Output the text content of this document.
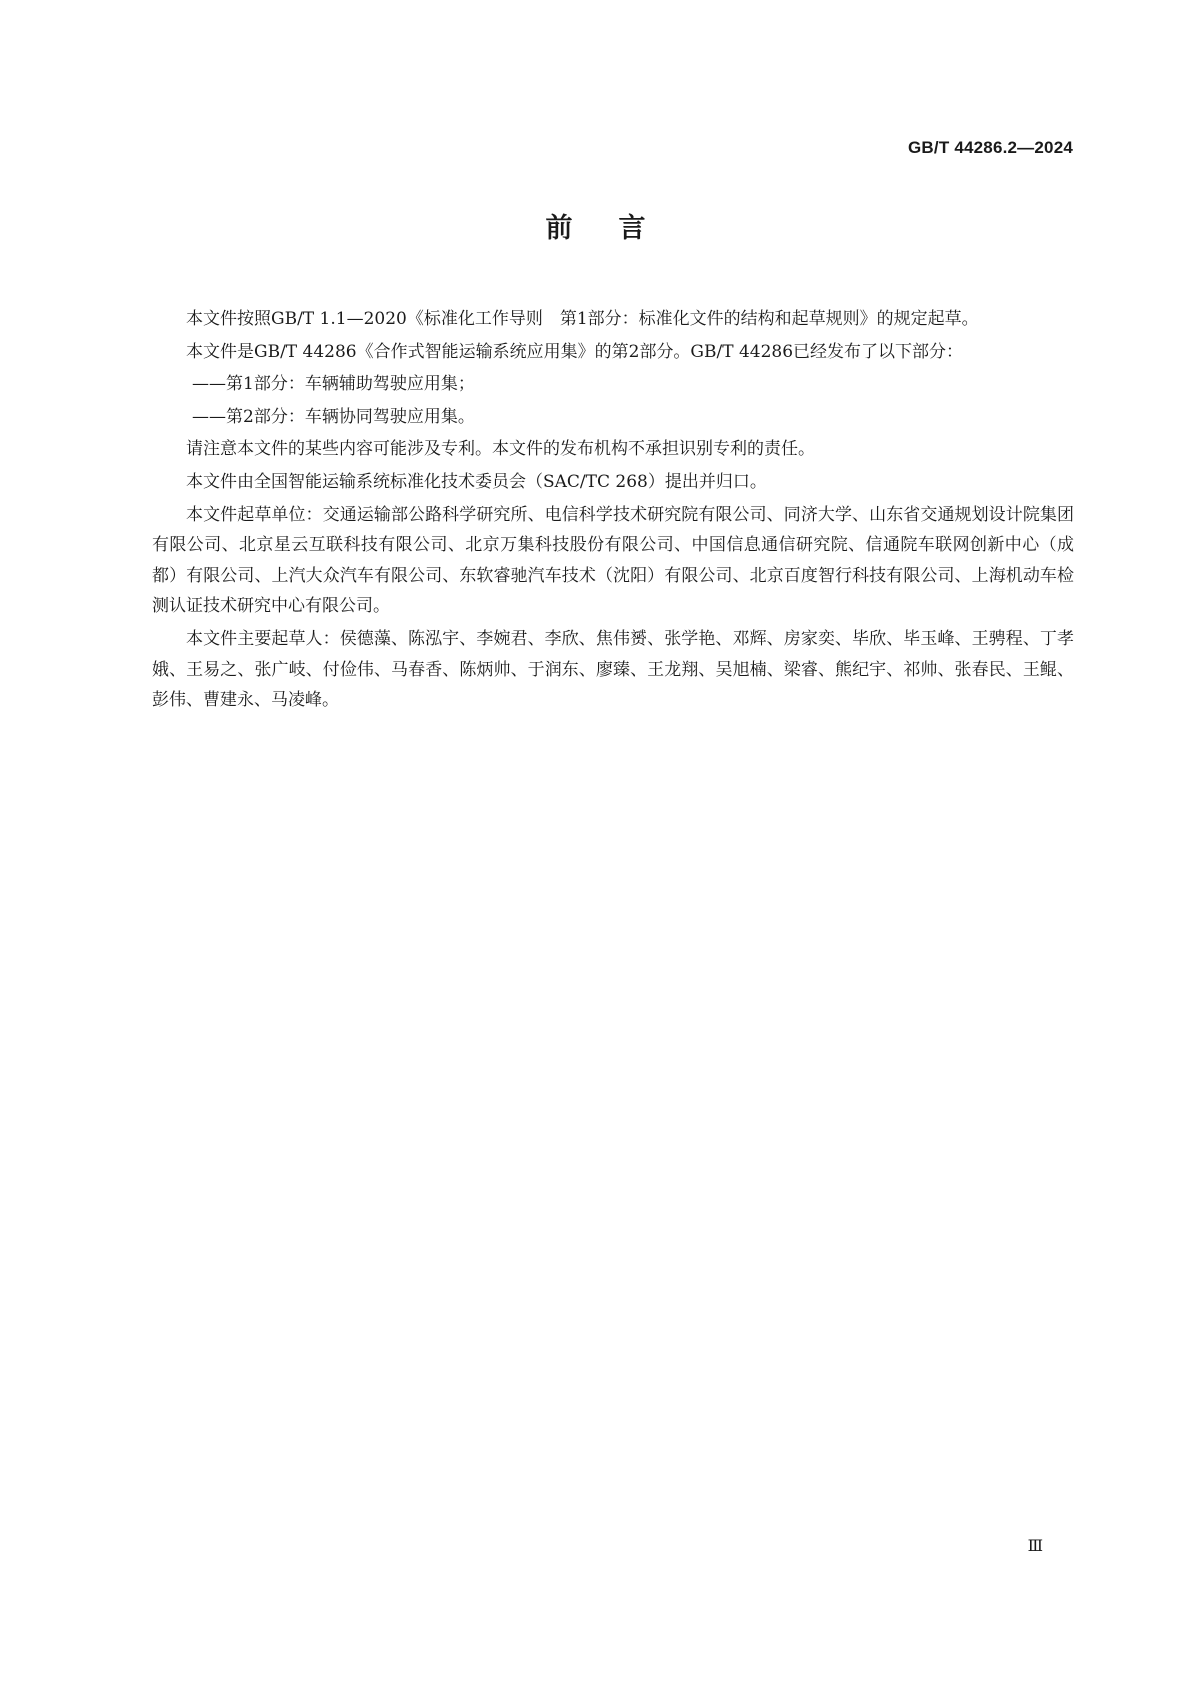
GB/T 44286.2—2024
前言

本文件按照GB/T 1.1—2020《标准化工作导则　第1部分：标准化文件的结构和起草规则》的规定起草。

本文件是GB/T 44286《合作式智能运输系统应用集》的第2部分。GB/T 44286已经发布了以下部分：

——第1部分：车辆辅助驾驶应用集；

——第2部分：车辆协同驾驶应用集。

请注意本文件的某些内容可能涉及专利。本文件的发布机构不承担识别专利的责任。

本文件由全国智能运输系统标准化技术委员会（SAC/TC 268）提出并归口。

本文件起草单位：交通运输部公路科学研究所、电信科学技术研究院有限公司、同济大学、山东省交通规划设计院集团有限公司、北京星云互联科技有限公司、北京万集科技股份有限公司、中国信息通信研究院、信通院车联网创新中心（成都）有限公司、上汽大众汽车有限公司、东软睿驰汽车技术（沈阳）有限公司、北京百度智行科技有限公司、上海机动车检测认证技术研究中心有限公司。

本文件主要起草人：侯德藻、陈泓宇、李婉君、李欣、焦伟赟、张学艳、邓辉、房家奕、毕欣、毕玉峰、王骋程、丁孝娥、王易之、张广岐、付俭伟、马春香、陈炳帅、于润东、廖臻、王龙翔、吴旭楠、梁睿、熊纪宇、祁帅、张春民、王鲲、彭伟、曹建永、马凌峰。

Ⅲ
